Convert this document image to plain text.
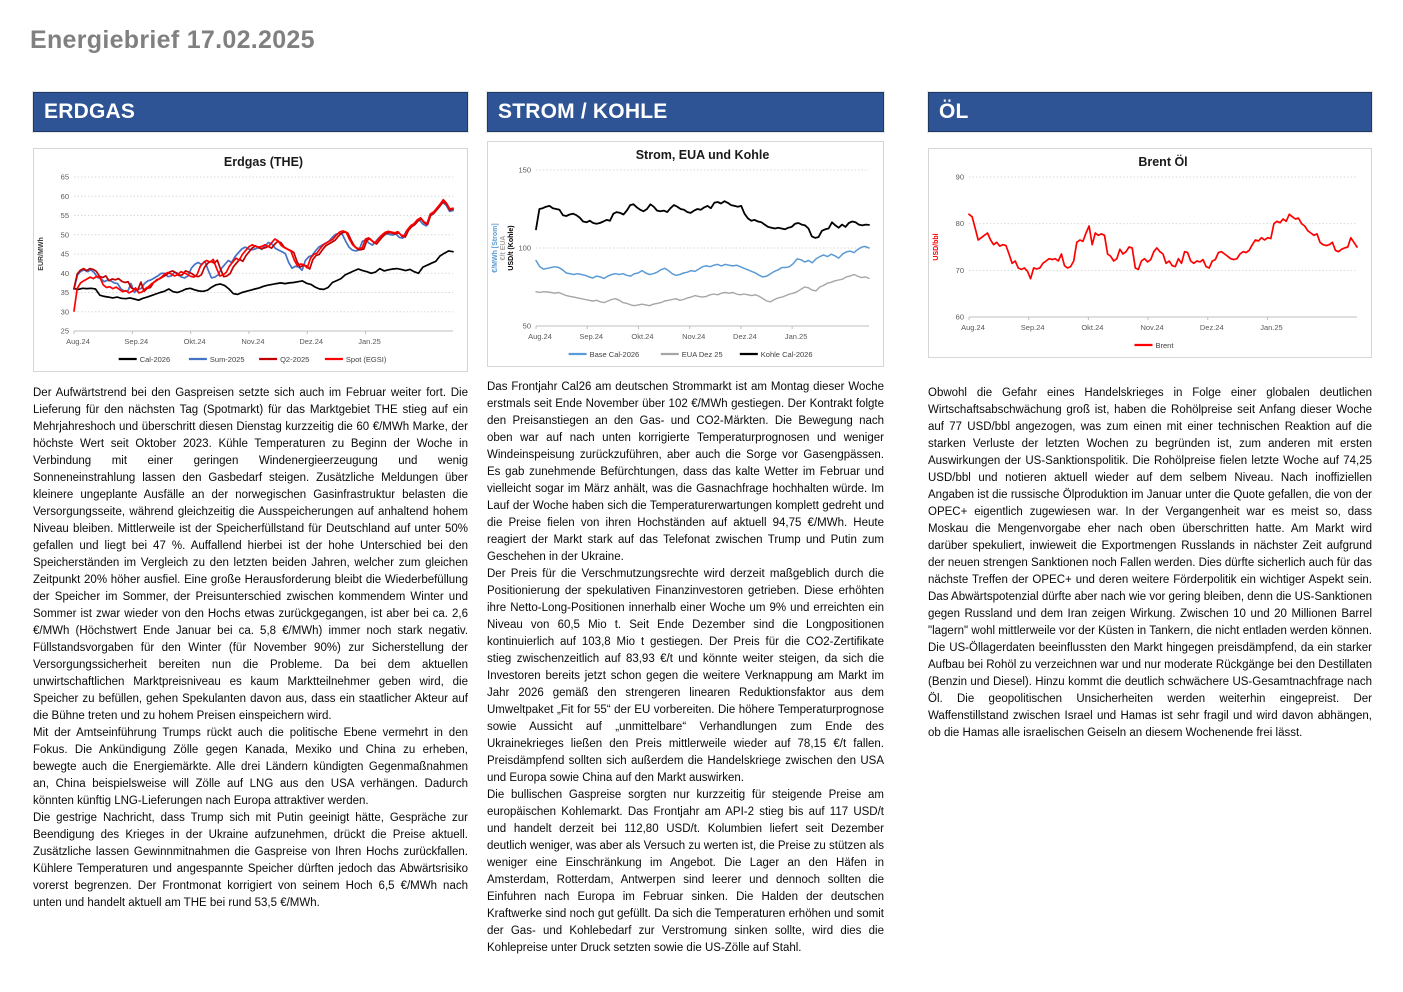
Energiebrief 17.02.2025
ERDGAS
Erdgas (THE)
25
30
35
40
45
50
55
60
65
Aug.24	Sep.24	Okt.24	Nov.24	Dez.24	Jan.25
EUR/MWh
Cal-2026	Sum-2025	Q2-2025	Spot (EGSI)

Der Aufwärtstrend bei den Gaspreisen setzte sich auch im Februar weiter fort. Die Lieferung für den nächsten Tag (Spotmarkt) für das Marktgebiet THE stieg auf ein Mehrjahreshoch und überschritt diesen Dienstag kurzzeitig die 60 €/MWh Marke, der höchste Wert seit Oktober 2023. Kühle Temperaturen zu Beginn der Woche in Verbindung mit einer geringen Windenergieerzeugung und wenig Sonneneinstrahlung lassen den Gasbedarf steigen. Zusätzliche Meldungen über kleinere ungeplante Ausfälle an der norwegischen Gasinfrastruktur belasten die Versorgungsseite, während gleichzeitig die Ausspeicherungen auf anhaltend hohem Niveau bleiben. Mittlerweile ist der Speicherfüllstand für Deutschland auf unter 50% gefallen und liegt bei 47 %. Auffallend hierbei ist der hohe Unterschied bei den Speicherständen im Vergleich zu den letzten beiden Jahren, welcher zum gleichen Zeitpunkt 20% höher ausfiel. Eine große Herausforderung bleibt die Wiederbefüllung der Speicher im Sommer, der Preisunterschied zwischen kommendem Winter und Sommer ist zwar wieder von den Hochs etwas zurückgegangen, ist aber bei ca. 2,6 €/MWh (Höchstwert Ende Januar bei ca. 5,8 €/MWh) immer noch stark negativ. Füllstandsvorgaben für den Winter (für November 90%) zur Sicherstellung der Versorgungssicherheit bereiten nun die Probleme. Da bei dem aktuellen unwirtschaftlichen Marktpreisniveau es kaum Marktteilnehmer geben wird, die Speicher zu befüllen, gehen Spekulanten davon aus, dass ein staatlicher Akteur auf die Bühne treten und zu hohem Preisen einspeichern wird.

Mit der Amtseinführung Trumps rückt auch die politische Ebene vermehrt in den Fokus. Die Ankündigung Zölle gegen Kanada, Mexiko und China zu erheben, bewegte auch die Energiemärkte. Alle drei Ländern kündigten Gegenmaßnahmen an, China beispielsweise will Zölle auf LNG aus den USA verhängen. Dadurch könnten künftig LNG-Lieferungen nach Europa attraktiver werden.

Die gestrige Nachricht, dass Trump sich mit Putin geeinigt hätte, Gespräche zur Beendigung des Krieges in der Ukraine aufzunehmen, drückt die Preise aktuell. Zusätzliche lassen Gewinnmitnahmen die Gaspreise von Ihren Hochs zurückfallen. Kühlere Temperaturen und angespannte Speicher dürften jedoch das Abwärtsrisiko vorerst begrenzen. Der Frontmonat korrigiert von seinem Hoch 6,5 €/MWh nach unten und handelt aktuell am THE bei rund 53,5 €/MWh.

STROM / KOHLE
Strom, EUA und Kohle
50
100
150
Aug.24	Sep.24	Okt.24	Nov.24	Dez.24	Jan.25
€/MWh [Strom] €/t EUA USD/t (Kohle)
Base Cal-2026	EUA Dez 25	Kohle Cal-2026

Das Frontjahr Cal26 am deutschen Strommarkt ist am Montag dieser Woche erstmals seit Ende November über 102 €/MWh gestiegen. Der Kontrakt folgte den Preisanstiegen an den Gas- und CO2-Märkten. Die Bewegung nach oben war auf nach unten korrigierte Temperaturprognosen und weniger Windeinspeisung zurückzuführen, aber auch die Sorge vor Gasengpässen. Es gab zunehmende Befürchtungen, dass das kalte Wetter im Februar und vielleicht sogar im März anhält, was die Gasnachfrage hochhalten würde. Im Lauf der Woche haben sich die Temperaturerwartungen komplett gedreht und die Preise fielen von ihren Hochständen auf aktuell 94,75 €/MWh. Heute reagiert der Markt stark auf das Telefonat zwischen Trump und Putin zum Geschehen in der Ukraine.

Der Preis für die Verschmutzungsrechte wird derzeit maßgeblich durch die Positionierung der spekulativen Finanzinvestoren getrieben. Diese erhöhten ihre Netto-Long-Positionen innerhalb einer Woche um 9% und erreichten ein Niveau von 60,5 Mio t. Seit Ende Dezember sind die Longpositionen kontinuierlich auf 103,8 Mio t gestiegen. Der Preis für die CO2-Zertifikate stieg zwischenzeitlich auf 83,93 €/t und könnte weiter steigen, da sich die Investoren bereits jetzt schon gegen die weitere Verknappung am Markt im Jahr 2026 gemäß den strengeren linearen Reduktionsfaktor aus dem Umweltpaket „Fit for 55“ der EU vorbereiten. Die höhere Temperaturprognose sowie Aussicht auf „unmittelbare“ Verhandlungen zum Ende des Ukrainekrieges ließen den Preis mittlerweile wieder auf 78,15 €/t fallen. Preisdämpfend sollten sich außerdem die Handelskriege zwischen den USA und Europa sowie China auf den Markt auswirken.

Die bullischen Gaspreise sorgten nur kurzzeitig für steigende Preise am europäischen Kohlemarkt. Das Frontjahr am API-2 stieg bis auf 117 USD/t und handelt derzeit bei 112,80 USD/t. Kolumbien liefert seit Dezember deutlich weniger, was aber als Versuch zu werten ist, die Preise zu stützen als weniger eine Einschränkung im Angebot. Die Lager an den Häfen in Amsterdam, Rotterdam, Antwerpen sind leerer und dennoch sollten die Einfuhren nach Europa im Februar sinken. Die Halden der deutschen Kraftwerke sind noch gut gefüllt. Da sich die Temperaturen erhöhen und somit der Gas- und Kohlebedarf zur Verstromung sinken sollte, wird dies die Kohlepreise unter Druck setzten sowie die US-Zölle auf Stahl.

ÖL
Brent Öl
60
70
80
90
Aug.24	Sep.24	Okt.24	Nov.24	Dez.24	Jan.25
USD/bbl
Brent

Obwohl die Gefahr eines Handelskrieges in Folge einer globalen deutlichen Wirtschaftsabschwächung groß ist, haben die Rohölpreise seit Anfang dieser Woche auf 77 USD/bbl angezogen, was zum einen mit einer technischen Reaktion auf die starken Verluste der letzten Wochen zu begründen ist, zum anderen mit ersten Auswirkungen der US-Sanktionspolitik. Die Rohölpreise fielen letzte Woche auf 74,25 USD/bbl und notieren aktuell wieder auf dem selbem Niveau. Nach inoffiziellen Angaben ist die russische Ölproduktion im Januar unter die Quote gefallen, die von der OPEC+ eigentlich zugewiesen war. In der Vergangenheit war es meist so, dass Moskau die Mengenvorgabe eher nach oben überschritten hatte. Am Markt wird darüber spekuliert, inwieweit die Exportmengen Russlands in nächster Zeit aufgrund der neuen strengen Sanktionen noch Fallen werden. Dies dürfte sicherlich auch für das nächste Treffen der OPEC+ und deren weitere Förderpolitik ein wichtiger Aspekt sein. Das Abwärtspotenzial dürfte aber nach wie vor gering bleiben, denn die US-Sanktionen gegen Russland und dem Iran zeigen Wirkung. Zwischen 10 und 20 Millionen Barrel "lagern" wohl mittlerweile vor der Küsten in Tankern, die nicht entladen werden können. Die US-Öllagerdaten beeinflussten den Markt hingegen preisdämpfend, da ein starker Aufbau bei Rohöl zu verzeichnen war und nur moderate Rückgänge bei den Destillaten (Benzin und Diesel). Hinzu kommt die deutlich schwächere US-Gesamtnachfrage nach Öl. Die geopolitischen Unsicherheiten werden weiterhin eingepreist. Der Waffenstillstand zwischen Israel und Hamas ist sehr fragil und wird davon abhängen, ob die Hamas alle israelischen Geiseln an diesem Wochenende frei lässt.
